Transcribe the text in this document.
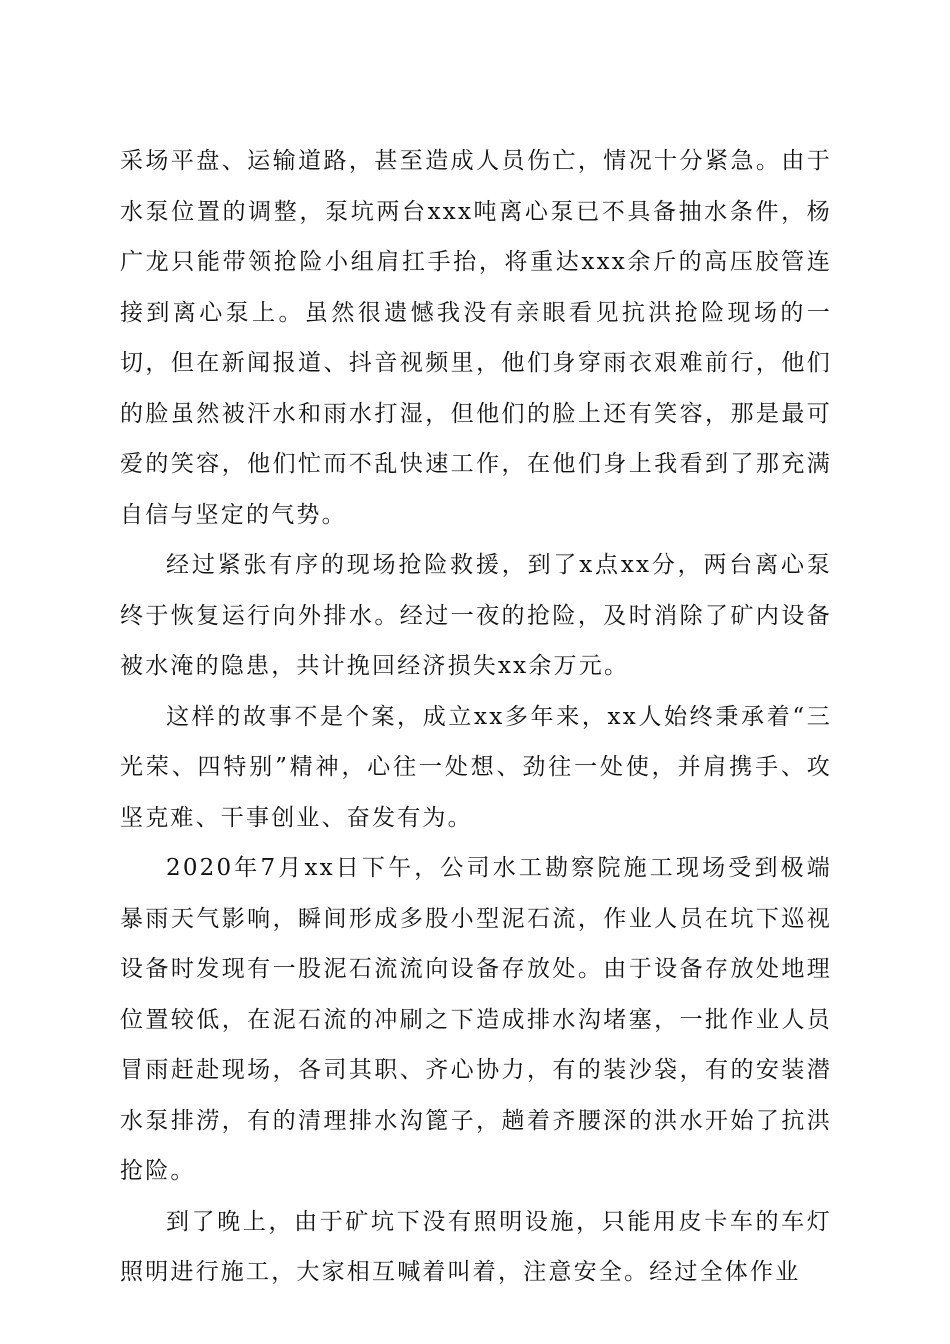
采场平盘、运输道路，甚至造成人员伤亡，情况十分紧急。由于水泵位置的调整，泵坑两台xxx吨离心泵已不具备抽水条件，杨广龙只能带领抢险小组肩扛手抬，将重达xxx余斤的高压胶管连接到离心泵上。虽然很遗憾我没有亲眼看见抗洪抢险现场的一切，但在新闻报道、抖音视频里，他们身穿雨衣艰难前行，他们的脸虽然被汗水和雨水打湿，但他们的脸上还有笑容，那是最可爱的笑容，他们忙而不乱快速工作，在他们身上我看到了那充满自信与坚定的气势。

经过紧张有序的现场抢险救援，到了x点xx分，两台离心泵终于恢复运行向外排水。经过一夜的抢险，及时消除了矿内设备被水淹的隐患，共计挽回经济损失xx余万元。

这样的故事不是个案，成立xx多年来，xx人始终秉承着“三光荣、四特别”精神，心往一处想、劲往一处使，并肩携手、攻坚克难、干事创业、奋发有为。

2020年7月xx日下午，公司水工勘察院施工现场受到极端暴雨天气影响，瞬间形成多股小型泥石流，作业人员在坑下巡视设备时发现有一股泥石流流向设备存放处。由于设备存放处地理位置较低，在泥石流的冲刷之下造成排水沟堵塞，一批作业人员冒雨赶赴现场，各司其职、齐心协力，有的装沙袋，有的安装潜水泵排涝，有的清理排水沟篦子，趟着齐腰深的洪水开始了抗洪抢险。

到了晚上，由于矿坑下没有照明设施，只能用皮卡车的车灯照明进行施工，大家相互喊着叫着，注意安全。经过全体作业
